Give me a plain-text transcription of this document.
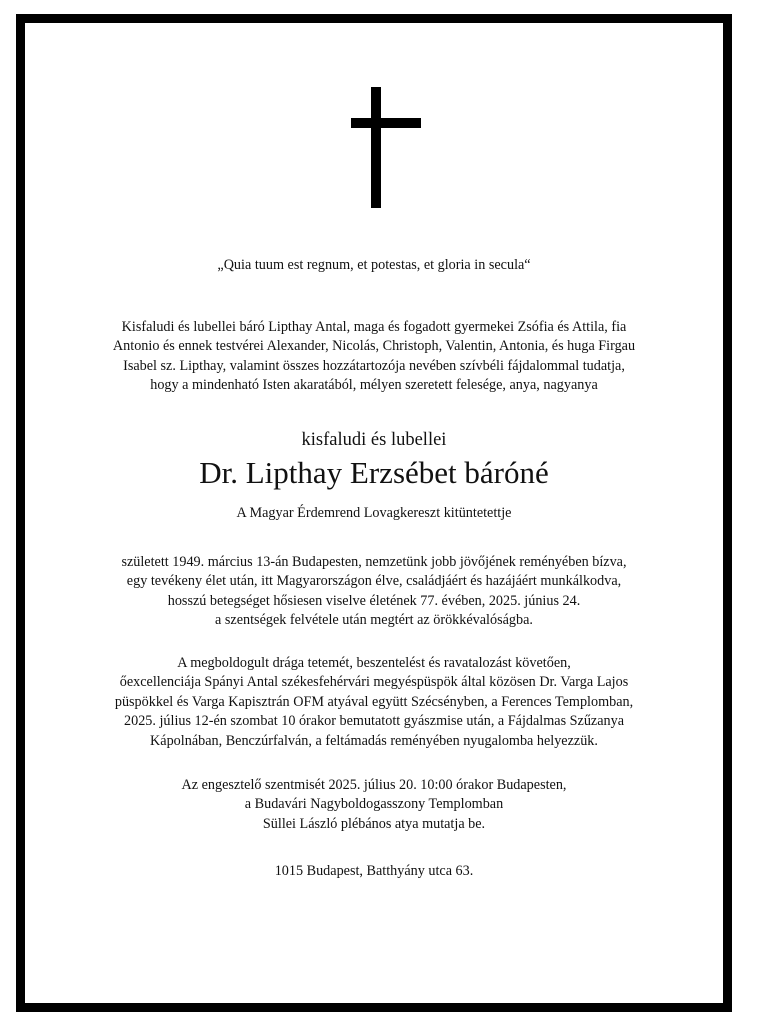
„Quia tuum est regnum, et potestas, et gloria in secula“

Kisfaludi és lubellei báró Lipthay Antal, maga és fogadott gyermekei Zsófia és Attila, fia
Antonio és ennek testvérei Alexander, Nicolás, Christoph, Valentin, Antonia, és huga Firgau
Isabel sz. Lipthay, valamint összes hozzátartozója nevében szívbéli fájdalommal tudatja,
hogy a mindenható Isten akaratából, mélyen szeretett felesége, anya, nagyanya

kisfaludi és lubellei

Dr. Lipthay Erzsébet báróné

A Magyar Érdemrend Lovagkereszt kitüntetettje

született 1949. március 13-án Budapesten, nemzetünk jobb jövőjének reményében bízva,
egy tevékeny élet után, itt Magyarországon élve, családjáért és hazájáért munkálkodva,
hosszú betegséget hősiesen viselve életének 77. évében, 2025. június 24.
a szentségek felvétele után megtért az örökkévalóságba.
A megboldogult drága tetemét, beszentelést és ravatalozást követően,
őexcellenciája Spányi Antal székesfehérvári megyéspüspök által közösen Dr. Varga Lajos
püspökkel és Varga Kapisztrán OFM atyával együtt Szécsényben, a Ferences Templomban,
2025. július 12-én szombat 10 órakor bemutatott gyászmise után, a Fájdalmas Szűzanya
Kápolnában, Benczúrfalván, a feltámadás reményében nyugalomba helyezzük.
Az engesztelő szentmisét 2025. július 20. 10:00 órakor Budapesten,
a Budavári Nagyboldogasszony Templomban
Süllei László plébános atya mutatja be.

1015 Budapest, Batthyány utca 63.
